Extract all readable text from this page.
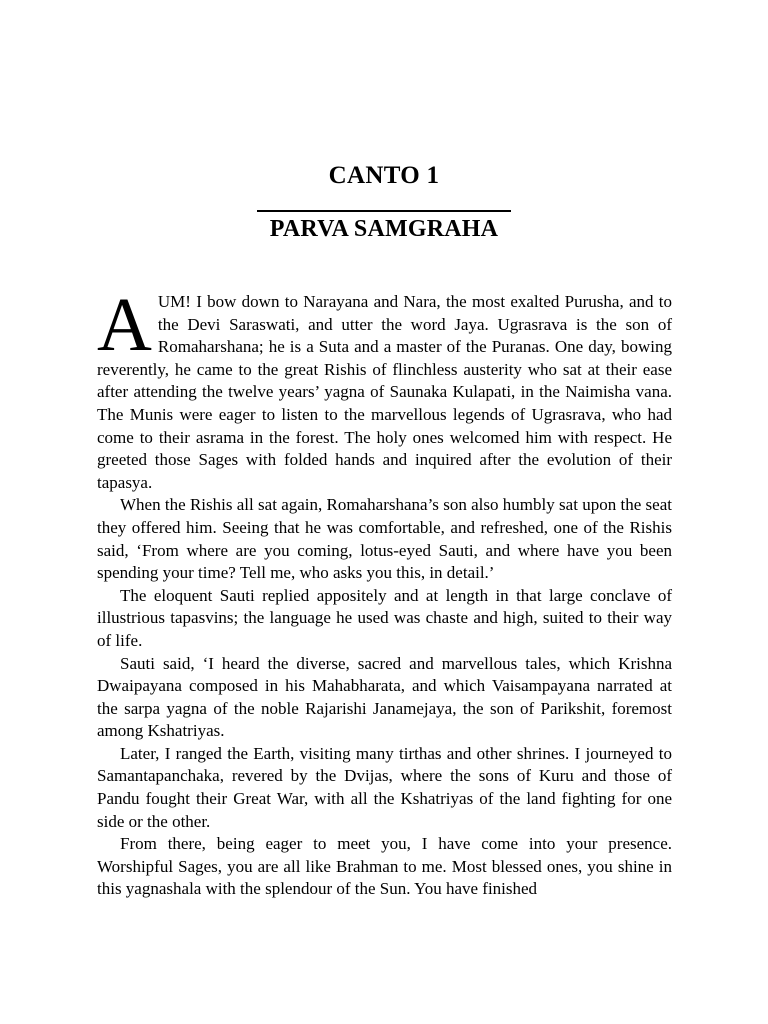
CANTO 1
PARVA SAMGRAHA

AUM! I bow down to Narayana and Nara, the most exalted Purusha, and to the Devi Saraswati, and utter the word Jaya. Ugrasrava is the son of Romaharshana; he is a Suta and a master of the Puranas. One day, bowing reverently, he came to the great Rishis of flinchless austerity who sat at their ease after attending the twelve years’ yagna of Saunaka Kulapati, in the Naimisha vana. The Munis were eager to listen to the marvellous legends of Ugrasrava, who had come to their asrama in the forest. The holy ones welcomed him with respect. He greeted those Sages with folded hands and inquired after the evolution of their tapasya.

When the Rishis all sat again, Romaharshana’s son also humbly sat upon the seat they offered him. Seeing that he was comfortable, and refreshed, one of the Rishis said, ‘From where are you coming, lotus-eyed Sauti, and where have you been spending your time? Tell me, who asks you this, in detail.’

The eloquent Sauti replied appositely and at length in that large conclave of illustrious tapasvins; the language he used was chaste and high, suited to their way of life.

Sauti said, ‘I heard the diverse, sacred and marvellous tales, which Krishna Dwaipayana composed in his Mahabharata, and which Vaisampayana narrated at the sarpa yagna of the noble Rajarishi Janamejaya, the son of Parikshit, foremost among Kshatriyas.

Later, I ranged the Earth, visiting many tirthas and other shrines. I journeyed to Samantapanchaka, revered by the Dvijas, where the sons of Kuru and those of Pandu fought their Great War, with all the Kshatriyas of the land fighting for one side or the other.

From there, being eager to meet you, I have come into your presence. Worshipful Sages, you are all like Brahman to me. Most blessed ones, you shine in this yagnashala with the splendour of the Sun. You have finished
